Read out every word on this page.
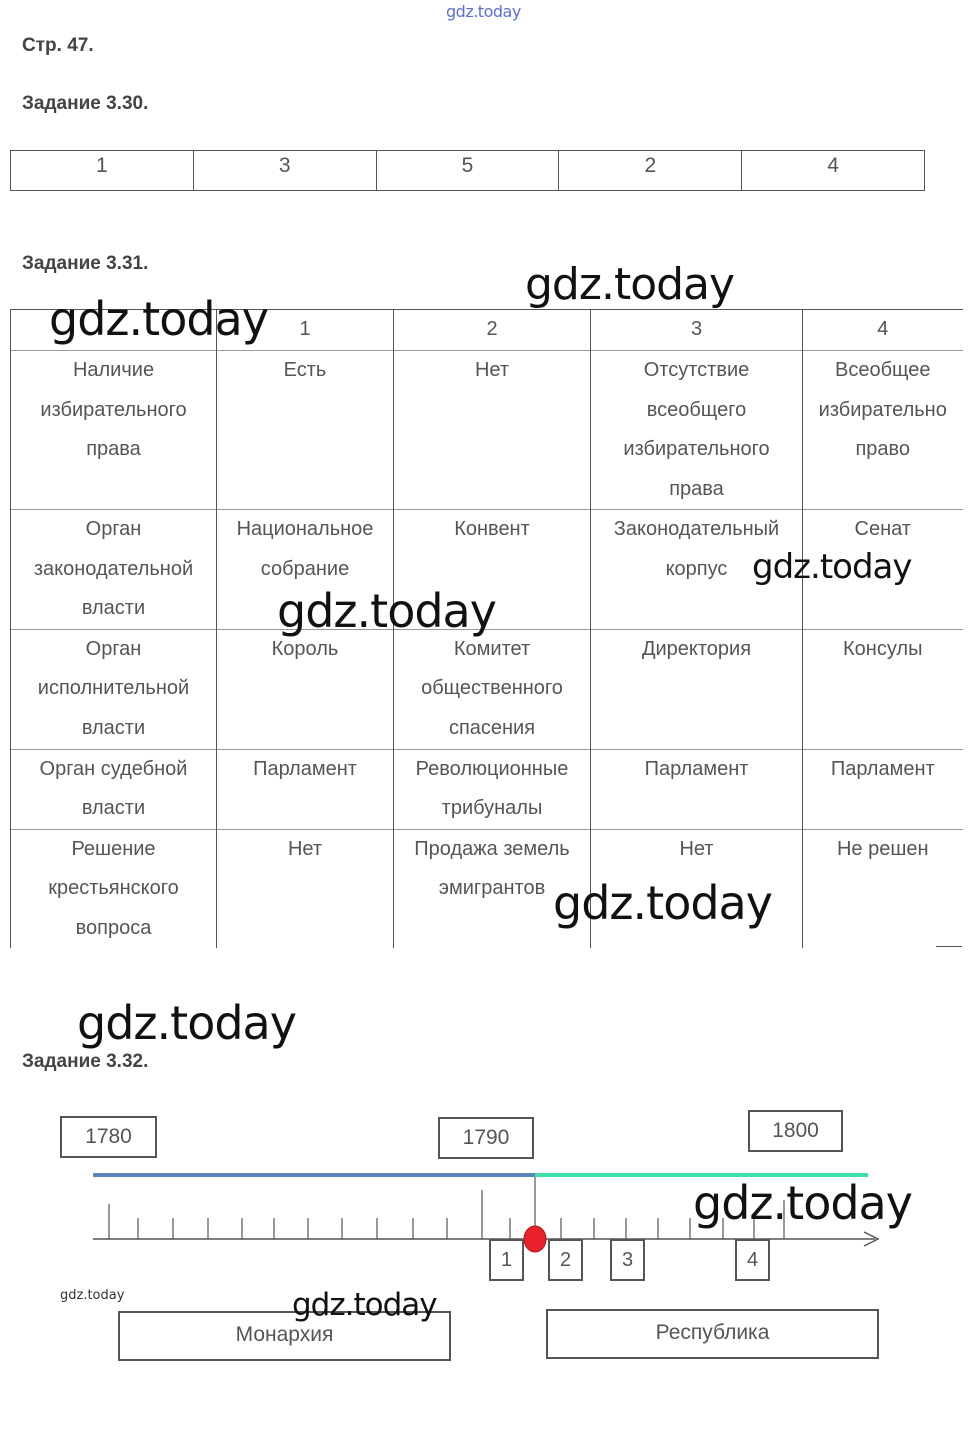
gdz.today
Стр. 47.
Задание 3.30.
1	3	5	2	4
Задание 3.31.

	1	2	3	4

Наличие избирательного права	Есть	Нет	Отсутствие всеобщего избирательного права	Всеобщее избирательно право

Орган законодательной власти	Национальное собрание	Конвент	Законодательный корпус	Сенат

Орган исполнительной власти	Король	Комитет общественного спасения	Директория	Консулы

Орган судебной власти	Парламент	Революционные трибуналы	Парламент	Парламент

Решение крестьянского вопроса	Нет	Продажа земель эмигрантов	Нет	Не решен
Задание 3.32.
1780	1790	1800
1	2	3	4
Монархия	Республика
gdz.today
gdz.today
gdz.today
gdz.today
gdz.today
gdz.today
gdz.today
gdz.today	gdz.today
